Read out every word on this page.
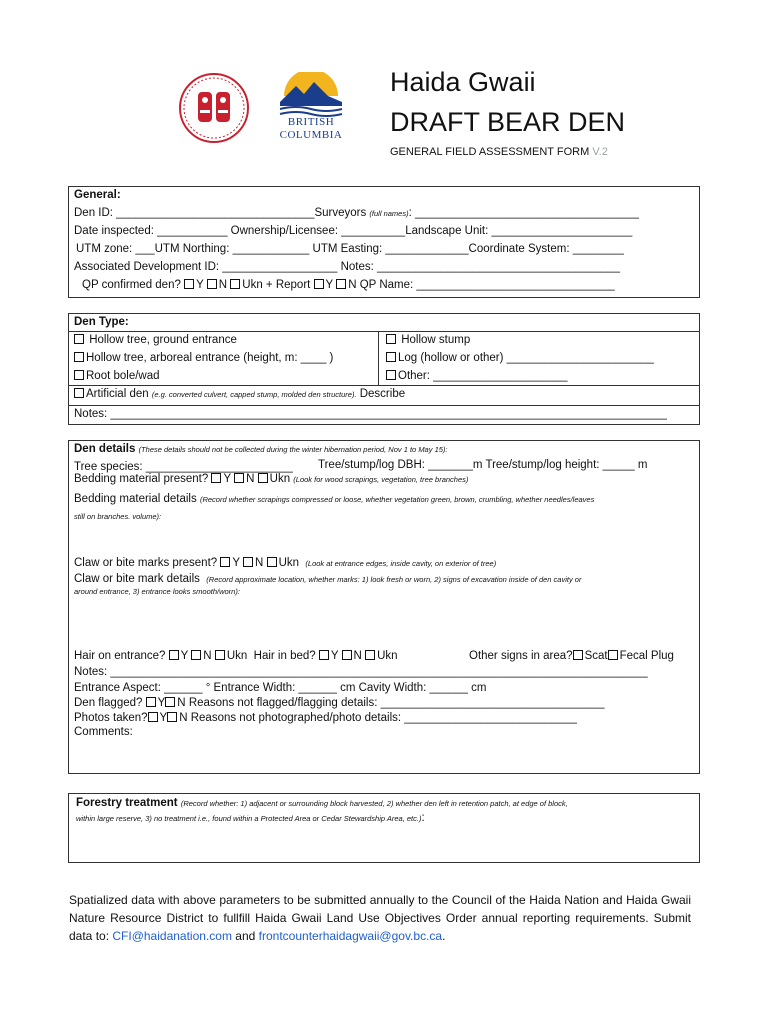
BRITISH
COLUMBIA
Haida Gwaii
DRAFT BEAR DEN
GENERAL FIELD ASSESSMENT FORM V.2
General:
Den ID: _______________________________Surveyors (full names): ___________________________________
Date inspected: ___________ Ownership/Licensee: __________Landscape Unit: ______________________
UTM zone: ___UTM Northing: ____________ UTM Easting: _____________Coordinate System: ________
Associated Development ID: __________________ Notes: ______________________________________
QP confirmed den? Y N Ukn + Report Y N QP Name: _______________________________
Den Type:
Hollow tree, ground entrance
Hollow tree, arboreal entrance (height, m: ____ )
Root bole/wad
Hollow stump
Log (hollow or other) _______________________
Other: _____________________
Artificial den (e.g. converted culvert, capped stump, molded den structure). Describe
Notes: _______________________________________________________________________________________
Den details (These details should not be collected during the winter hibernation period, Nov 1 to May 15):
Tree species: _______________________ Tree/stump/log DBH: _______m Tree/stump/log height: _____ m
Bedding material present? Y N Ukn (Look for wood scrapings, vegetation, tree branches)
Bedding material details (Record whether scrapings compressed or loose, whether vegetation green, brown, crumbling, whether needles/leaves
still on branches. volume):
Claw or bite marks present? Y N Ukn (Look at entrance edges, inside cavity, on exterior of tree)
Claw or bite mark details (Record approximate location, whether marks: 1) look fresh or worn, 2) signs of excavation inside of den cavity or
around entrance, 3) entrance looks smooth/worn):
Hair on entrance? Y N Ukn Hair in bed? Y N Ukn	Other signs in area? Scat Fecal Plug
Notes: ____________________________________________________________________________________
Entrance Aspect: ______ ° Entrance Width: ______ cm Cavity Width: ______ cm
Den flagged? Y N Reasons not flagged/flagging details: ___________________________________
Photos taken? Y N Reasons not photographed/photo details: ___________________________
Comments:
Forestry treatment (Record whether: 1) adjacent or surrounding block harvested, 2) whether den left in retention patch, at edge of block,
within large reserve, 3) no treatment i.e., found within a Protected Area or Cedar Stewardship Area, etc.):
Spatialized data with above parameters to be submitted annually to the Council of the Haida Nation and Haida Gwaii Nature Resource District to fullfill Haida Gwaii Land Use Objectives Order annual reporting requirements. Submit data to: CFI@haidanation.com and frontcounterhaidagwaii@gov.bc.ca.
